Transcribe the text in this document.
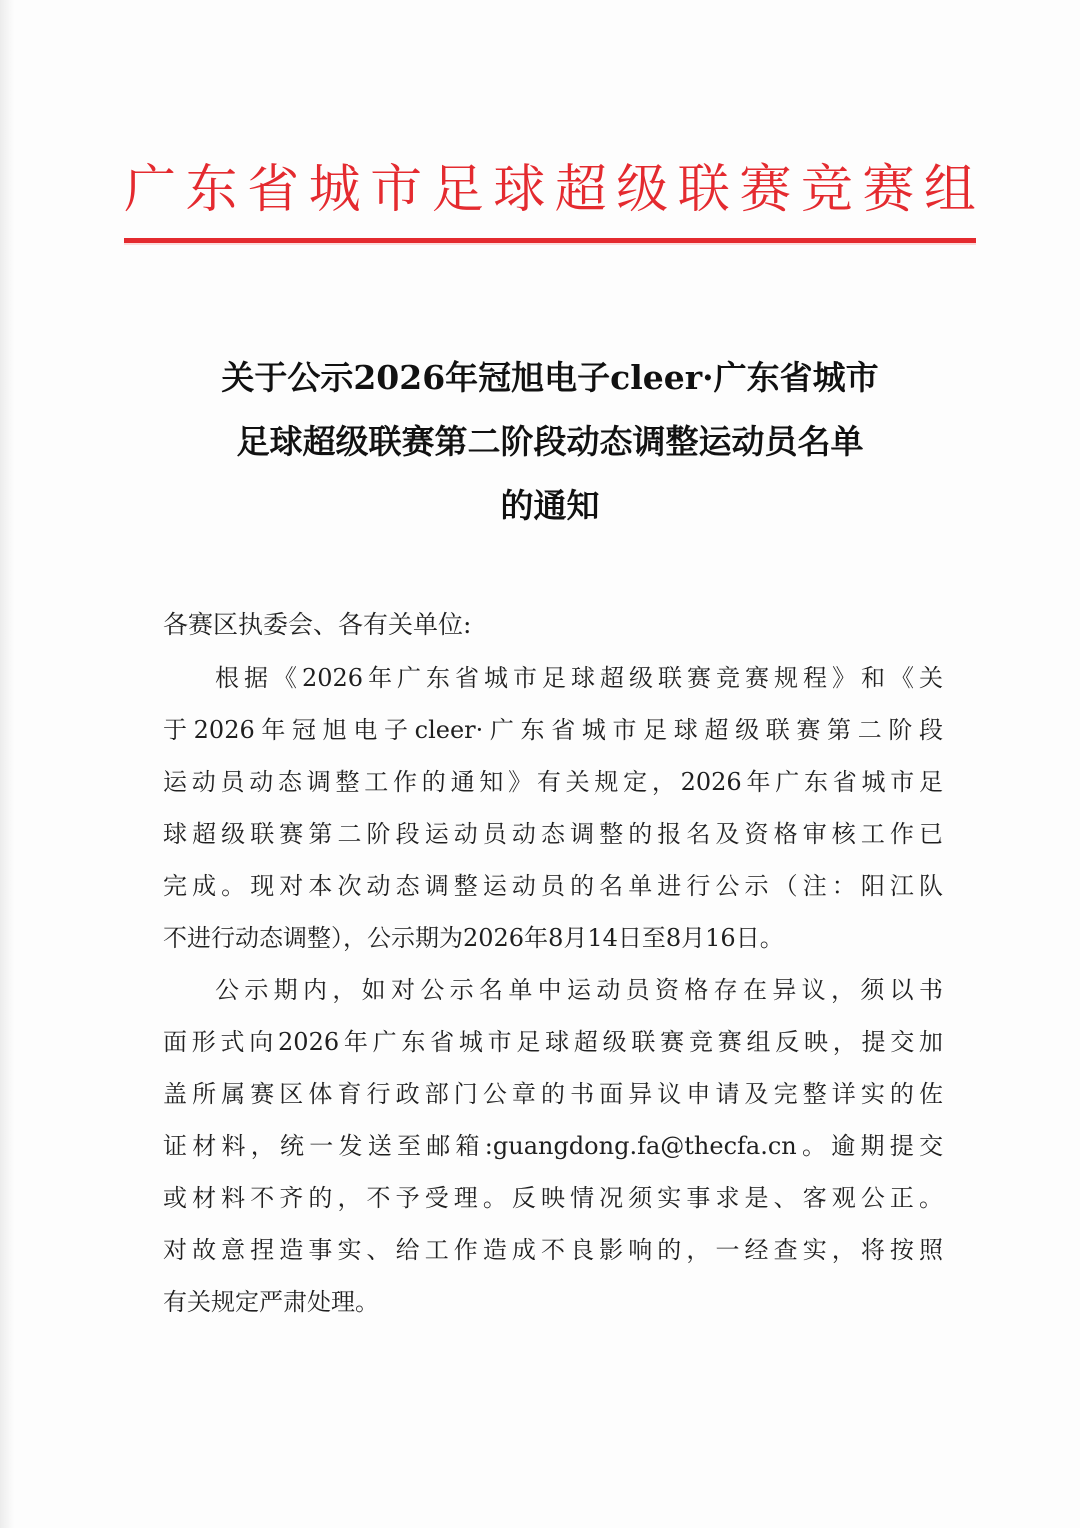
广 东 省 城 市 足 球 超 级 联 赛 竞 赛 组
关于公示2026年冠旭电子cleer·广东省城市
足球超级联赛第二阶段动态调整运动员名单
的通知

各赛区执委会、各有关单位:

根据《2026年广东省城市足球超级联赛竞赛规程》和《关
于2026年冠旭电子cleer·广东省城市足球超级联赛第二阶段
运动员动态调整工作的通知》有关规定，2026年广东省城市足
球超级联赛第二阶段运动员动态调整的报名及资格审核工作已
完成。现对本次动态调整运动员的名单进行公示（注：阳江队
不进行动态调整），公示期为2026年8月14日至8月16日。
公示期内，如对公示名单中运动员资格存在异议，须以书
面形式向2026年广东省城市足球超级联赛竞赛组反映，提交加
盖所属赛区体育行政部门公章的书面异议申请及完整详实的佐
证材料，统一发送至邮箱:guangdong.fa@thecfa.cn。逾期提交
或材料不齐的，不予受理。反映情况须实事求是、客观公正。
对故意捏造事实、给工作造成不良影响的，一经查实，将按照
有关规定严肃处理。
